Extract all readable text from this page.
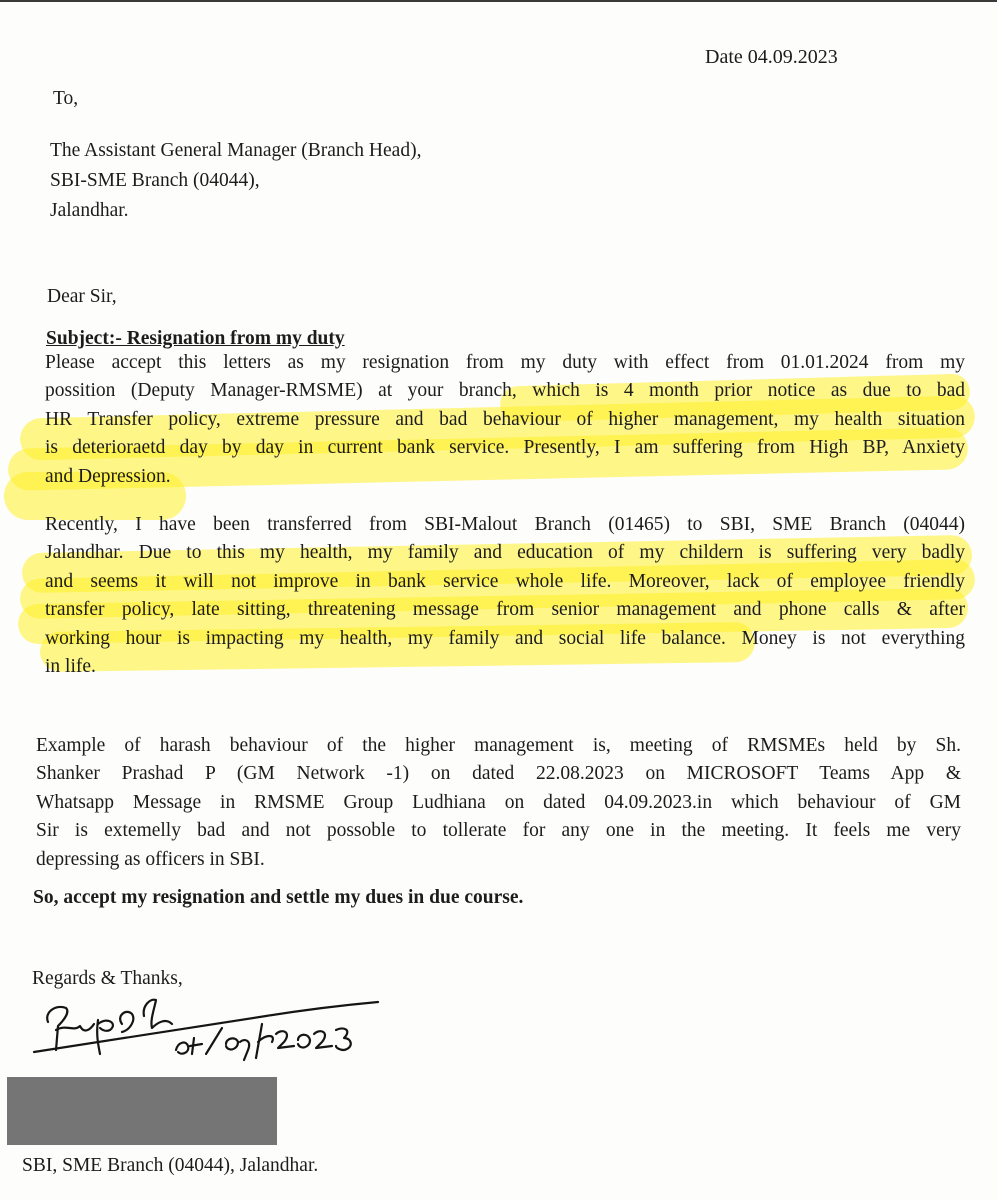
Date 04.09.2023
To,
The Assistant General Manager (Branch Head),
SBI-SME Branch (04044),
Jalandhar.
Dear Sir,
Subject:- Resignation from my duty
Please accept this letters as my resignation from my duty with effect from 01.01.2024 from my
possition (Deputy Manager-RMSME) at your branch, which is 4 month prior notice as due to bad
HR Transfer policy, extreme pressure and bad behaviour of higher management, my health situation
is deterioraetd day by day in current bank service. Presently, I am suffering from High BP, Anxiety
and Depression.
Recently, I have been transferred from SBI-Malout Branch (01465) to SBI, SME Branch (04044)
Jalandhar. Due to this my health, my family and education of my childern is suffering very badly
and seems it will not improve in bank service whole life. Moreover, lack of employee friendly
transfer policy, late sitting, threatening message from senior management and phone calls & after
working hour is impacting my health, my family and social life balance. Money is not everything
in life.
Example of harash behaviour of the higher management is, meeting of RMSMEs held by Sh.
Shanker Prashad P (GM Network -1) on dated 22.08.2023 on MICROSOFT Teams App &
Whatsapp Message in RMSME Group Ludhiana on dated 04.09.2023.in which behaviour of GM
Sir is extemelly bad and not possoble to tollerate for any one in the meeting. It feels me very
depressing as officers in SBI.
So, accept my resignation and settle my dues in due course.
Regards & Thanks,
SBI, SME Branch (04044), Jalandhar.
